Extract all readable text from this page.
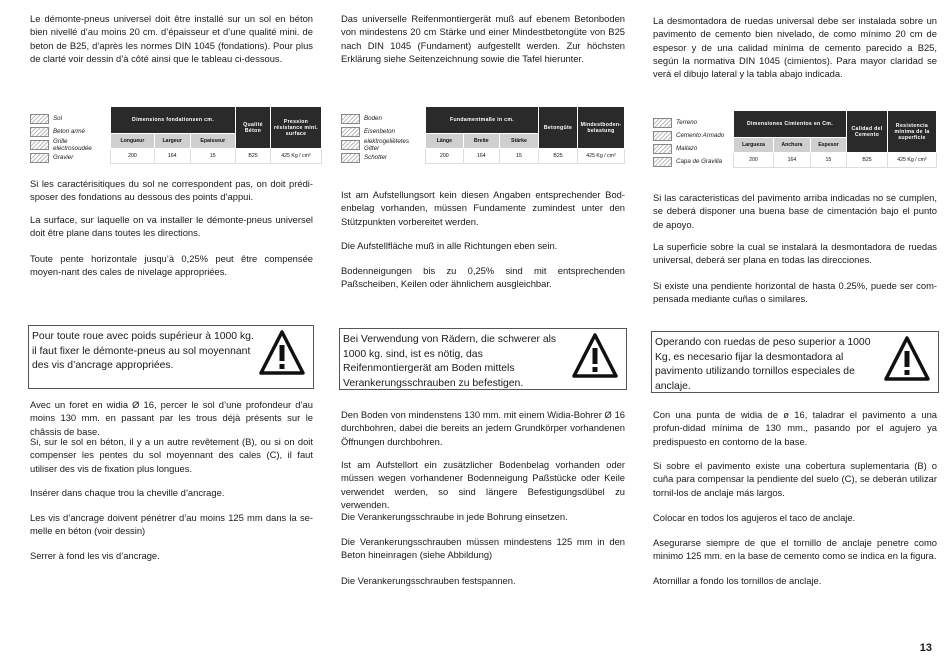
Le démonte-pneus universel doit être installé sur un sol en béton bien nivellé d’au moins 20 cm. d’épaisseur et d’une qualité mini. de beton de B25, d’après les normes DIN 1045 (fondations). Pour plus de clarté voir dessin d’à côté ainsi que le tableau ci-dessous.
Sol
Beton armé
Grille electrosoudée
Gravier
Dimensions fondationsen cm.			Qualité Béton	Pression résistance mini. surface
Longueur	Largeur	Epaisseur		
200	164	15	B25	425 Kg / cm²
Si les caractérisitiques du sol ne correspondent pas, on doit prédi-sposer des fondations au dessous des points d’appui.
La surface, sur laquelle on va installer le démonte-pneus universel doit être plane dans toutes les directions.
Toute pente horizontale jusqu’à 0,25% peut être compensée moyen-nant des cales de nivelage appropriées.
Pour toute roue avec poids supérieur à 1000 kg. il faut fixer le démonte-pneus au sol moyennant des vis d’ancrage appropriées.
Avec un foret en widia Ø 16, percer le sol d’une profondeur d’au moins 130 mm. en passant par les trous déjà présents sur le châssis de base.
Si, sur le sol en béton, il y a un autre revêtement (B), ou si on doit compenser les pentes du sol moyennant des cales (C), il faut utiliser des vis de fixation plus longues.
Insérer dans chaque trou la cheville d’ancrage.
Les vis d’ancrage doivent pénétrer d’au moins 125 mm dans la se-melle en béton (voir dessin)
Serrer à fond les vis d’ancrage.
Das universelle Reifenmontiergerät muß auf ebenem Betonboden von mindestens 20 cm Stärke und einer Mindestbetongüte von B25 nach DIN 1045 (Fundament) aufgestellt werden. Zur höchsten Erklärung siehe Seitenzeichnung sowie die Tafel hierunter.
Boden
Eisenbeton
elektrogeliëtetes Gitter
Schotter
Fundamentmaße in cm.			Betongüte	Mindestboden-belastung
Länge	Breite	Stärke		
200	164	15	B25	425 Kg / cm²
Ist am Aufstellungsort kein diesen Angaben entsprechender Bod-enbelag vorhanden, müssen Fundamente zumindest unter den Stützpunkten vorbereitet werden.
Die Aufstellfläche muß in alle Richtungen eben sein.
Bodenneigungen bis zu 0,25% sind mit entsprechenden Paßscheiben, Keilen oder ähnlichem ausgleichbar.
Bei Verwendung von Rädern, die schwerer als 1000 kg. sind, ist es nötig, das Reifenmontiergerät am Boden mittels Verankerungsschrauben zu befestigen.
Den Boden von mindenstens 130 mm. mit einem Widia-Bohrer Ø 16 durchbohren, dabei die bereits an jedem Grundkörper vorhandenen Öffnungen durchbohren.
Ist am Aufstellort ein zusätzlicher Bodenbelag vorhanden oder müssen wegen vorhandener Bodenneigung Paßstücke oder Keile verwendet werden, so sind längere Befestigungsdübel zu verwenden.
Die Verankerungsschraube in jede Bohrung einsetzen.
Die Verankerungsschrauben müssen mindestens 125 mm in den Beton hineinragen (siehe Abbildung)
Die Verankerungsschrauben festspannen.
La desmontadora de ruedas universal debe ser instalada sobre un pavimento de cemento bien nivelado, de como mínimo 20 cm de espesor y de una calidad mínima de cemento parecido a B25, según la normativa DIN 1045 (cimientos). Para mayor claridad se verá el dibujo lateral y la tabla abajo indicada.
Terreno
Cemento Armado
Mallazo
Capa de Gravilla
Dimensiones Cimientos en Cm.			Calidad del Cemento	Resistencia mínima de la superficie
Largueza	Anchura	Espesor		
200	164	15	B25	425 Kg / cm²
Si las caracteristicas del pavimento arriba indicadas no se cumplen, se deberá disponer una buena base de cimentación bajo el punto de apoyo.
La superficie sobre la cual se instalará la desmontadora de ruedas universal, deberá ser plana en todas las direcciones.
Si existe una pendiente horizontal de hasta 0.25%, puede ser com-pensada mediante cuñas o similares.
Operando con ruedas de peso superior a 1000 Kg, es necesario fijar la desmontadora al pavimento utilizando tornillos especiales de anclaje.
Con una punta de widia de ø 16, taladrar el pavimento a una profun-didad mínima de 130 mm., pasando por el agujero ya predispuesto en contorno de la base.
Si sobre el pavimento existe una cobertura suplementaria (B) o cuña para compensar la pendiente del suelo (C), se deberán utilizar tornil-los de anclaje más largos.
Colocar en todos los agujeros el taco de anclaje.
Asegurarse siempre de que el tornillo de anclaje penetre como minimo 125 mm. en la base de cemento como se indica en la figura.
Atornillar a fondo los tornillos de anclaje.
13
